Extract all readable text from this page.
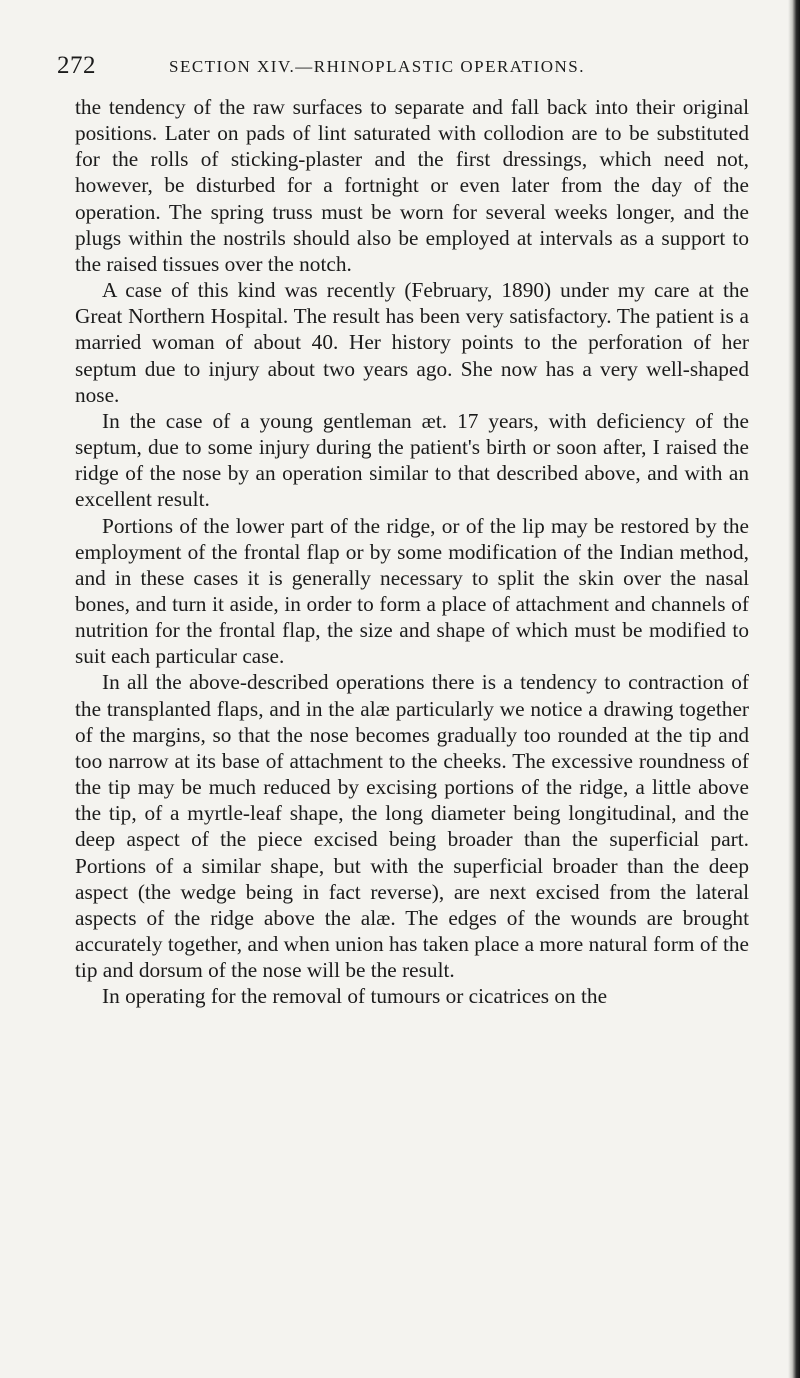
272	SECTION XIV.—RHINOPLASTIC OPERATIONS.

the tendency of the raw surfaces to separate and fall back into their original positions. Later on pads of lint saturated with collodion are to be substituted for the rolls of sticking-plaster and the first dressings, which need not, however, be disturbed for a fortnight or even later from the day of the operation. The spring truss must be worn for several weeks longer, and the plugs within the nostrils should also be employed at intervals as a support to the raised tissues over the notch.

A case of this kind was recently (February, 1890) under my care at the Great Northern Hospital. The result has been very satisfactory. The patient is a married woman of about 40. Her history points to the perforation of her septum due to injury about two years ago. She now has a very well-shaped nose.

In the case of a young gentleman æt. 17 years, with deficiency of the septum, due to some injury during the patient's birth or soon after, I raised the ridge of the nose by an operation similar to that described above, and with an excellent result.

Portions of the lower part of the ridge, or of the lip may be restored by the employment of the frontal flap or by some modification of the Indian method, and in these cases it is generally necessary to split the skin over the nasal bones, and turn it aside, in order to form a place of attachment and channels of nutrition for the frontal flap, the size and shape of which must be modified to suit each particular case.

In all the above-described operations there is a tendency to contraction of the transplanted flaps, and in the alæ particularly we notice a drawing together of the margins, so that the nose becomes gradually too rounded at the tip and too narrow at its base of attachment to the cheeks. The excessive roundness of the tip may be much reduced by excising portions of the ridge, a little above the tip, of a myrtle-leaf shape, the long diameter being longitudinal, and the deep aspect of the piece excised being broader than the superficial part. Portions of a similar shape, but with the superficial broader than the deep aspect (the wedge being in fact reverse), are next excised from the lateral aspects of the ridge above the alæ. The edges of the wounds are brought accurately together, and when union has taken place a more natural form of the tip and dorsum of the nose will be the result.

In operating for the removal of tumours or cicatrices on the
